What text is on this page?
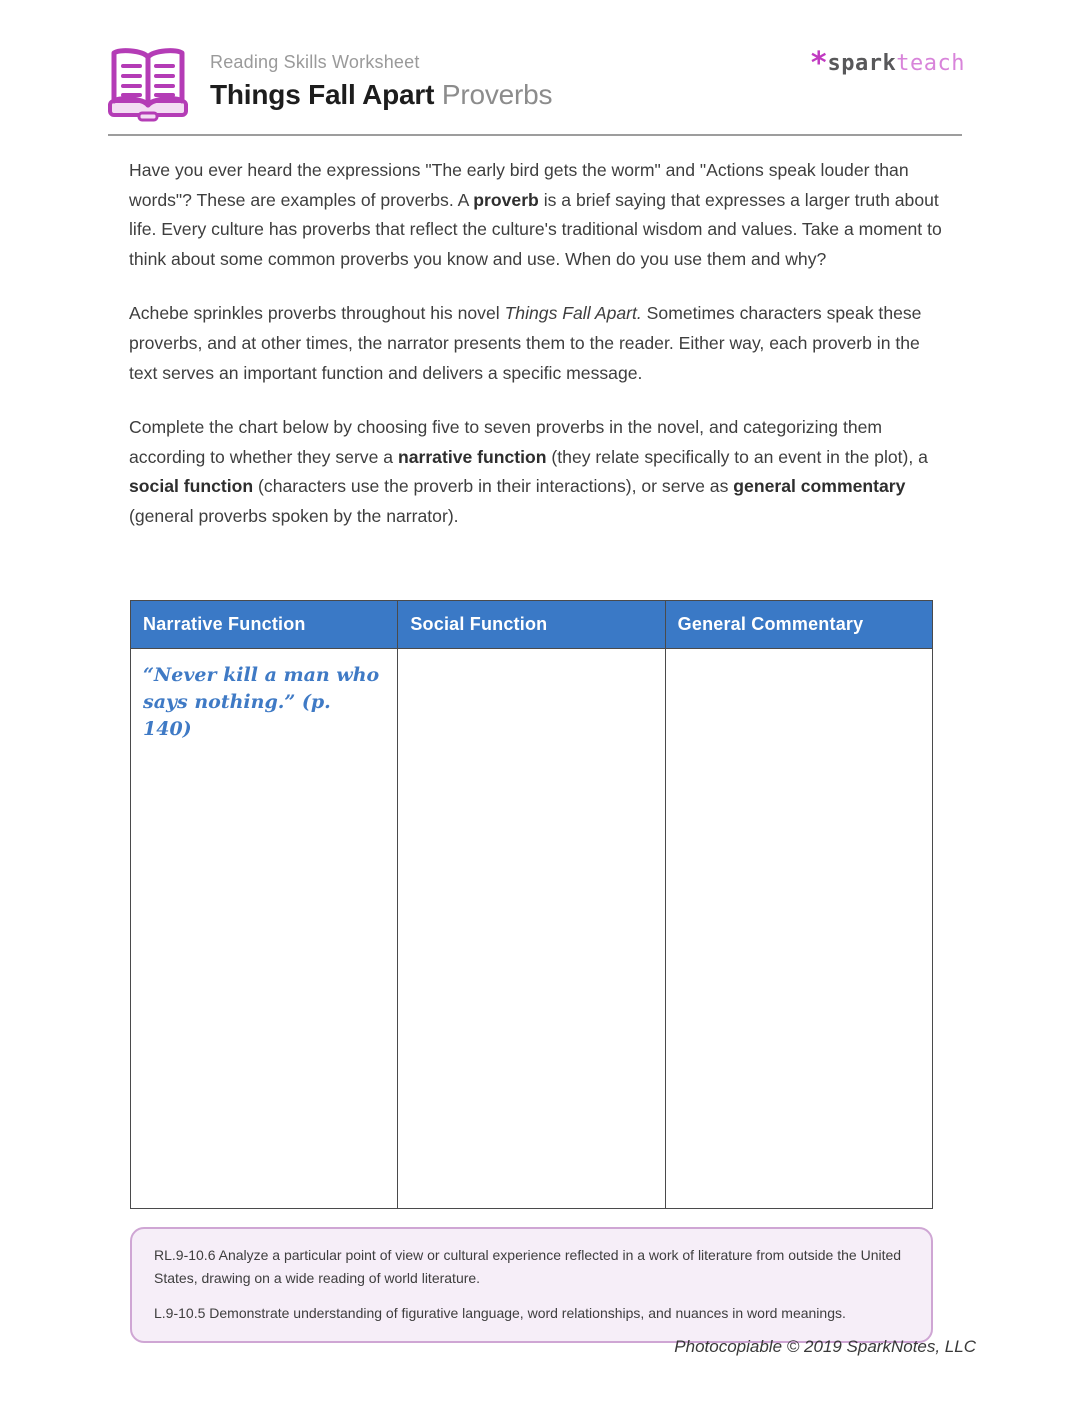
Reading Skills Worksheet
Things Fall Apart Proverbs
*sparkteach

Have you ever heard the expressions "The early bird gets the worm" and "Actions speak louder than words"? These are examples of proverbs. A proverb is a brief saying that expresses a larger truth about life. Every culture has proverbs that reflect the culture's traditional wisdom and values. Take a moment to think about some common proverbs you know and use. When do you use them and why?

Achebe sprinkles proverbs throughout his novel Things Fall Apart. Sometimes characters speak these proverbs, and at other times, the narrator presents them to the reader. Either way, each proverb in the text serves an important function and delivers a specific message.

Complete the chart below by choosing five to seven proverbs in the novel, and categorizing them according to whether they serve a narrative function (they relate specifically to an event in the plot), a social function (characters use the proverb in their interactions), or serve as general commentary (general proverbs spoken by the narrator).

Narrative Function	Social Function	General Commentary

“Never kill a man who says nothing.” (p. 140)		

RL.9-10.6 Analyze a particular point of view or cultural experience reflected in a work of literature from outside the United States, drawing on a wide reading of world literature.

L.9-10.5 Demonstrate understanding of figurative language, word relationships, and nuances in word meanings.

Photocopiable © 2019 SparkNotes, LLC
